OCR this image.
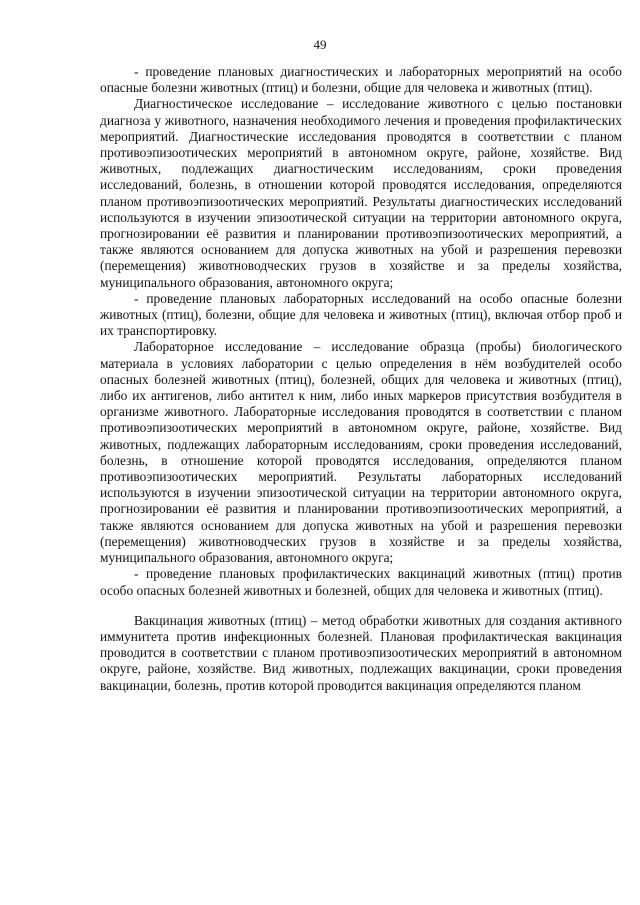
49

- проведение плановых диагностических и лабораторных мероприятий на особо опасные болезни животных (птиц) и болезни, общие для человека и животных (птиц).

Диагностическое исследование – исследование животного с целью постановки диагноза у животного, назначения необходимого лечения и проведения профилактических мероприятий. Диагностические исследования проводятся в соответствии с планом противоэпизоотических мероприятий в автономном округе, районе, хозяйстве. Вид животных, подлежащих диагностическим исследованиям, сроки проведения исследований, болезнь, в отношении которой проводятся исследования, определяются планом противоэпизоотических мероприятий. Результаты диагностических исследований используются в изучении эпизоотической ситуации на территории автономного округа, прогнозировании её развития и планировании противоэпизоотических мероприятий, а также являются основанием для допуска животных на убой и разрешения перевозки (перемещения) животноводческих грузов в хозяйстве и за пределы хозяйства, муниципального образования, автономного округа;

- проведение плановых лабораторных исследований на особо опасные болезни животных (птиц), болезни, общие для человека и животных (птиц), включая отбор проб и их транспортировку.

Лабораторное исследование – исследование образца (пробы) биологического материала в условиях лаборатории с целью определения в нём возбудителей особо опасных болезней животных (птиц), болезней, общих для человека и животных (птиц), либо их антигенов, либо антител к ним, либо иных маркеров присутствия возбудителя в организме животного. Лабораторные исследования проводятся в соответствии с планом противоэпизоотических мероприятий в автономном округе, районе, хозяйстве. Вид животных, подлежащих лабораторным исследованиям, сроки проведения исследований, болезнь, в отношение которой проводятся исследования, определяются планом противоэпизоотических мероприятий. Результаты лабораторных исследований используются в изучении эпизоотической ситуации на территории автономного округа, прогнозировании её развития и планировании противоэпизоотических мероприятий, а также являются основанием для допуска животных на убой и разрешения перевозки (перемещения) животноводческих грузов в хозяйстве и за пределы хозяйства, муниципального образования, автономного округа;

- проведение плановых профилактических вакцинаций животных (птиц) против особо опасных болезней животных и болезней, общих для человека и животных (птиц).

Вакцинация животных (птиц) – метод обработки животных для создания активного иммунитета против инфекционных болезней. Плановая профилактическая вакцинация проводится в соответствии с планом противоэпизоотических мероприятий в автономном округе, районе, хозяйстве. Вид животных, подлежащих вакцинации, сроки проведения вакцинации, болезнь, против которой проводится вакцинация определяются планом
